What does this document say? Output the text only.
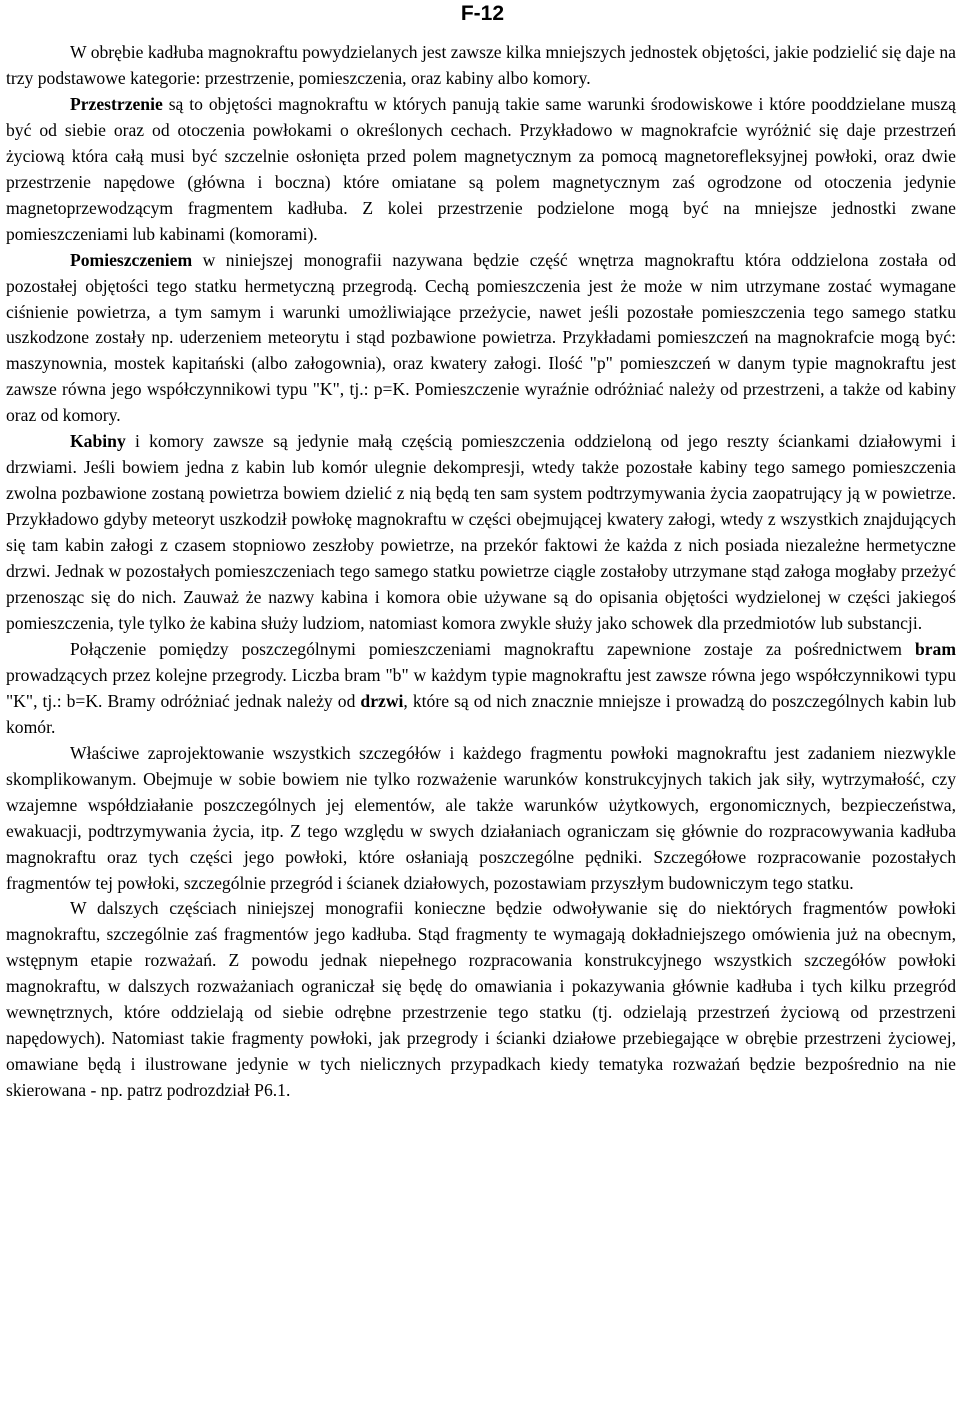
F-12

W obrębie kadłuba magnokraftu powydzielanych jest zawsze kilka mniejszych jednostek objętości, jakie podzielić się daje na trzy podstawowe kategorie: przestrzenie, pomieszczenia, oraz kabiny albo komory.

Przestrzenie są to objętości magnokraftu w których panują takie same warunki środowiskowe i które pooddzielane muszą być od siebie oraz od otoczenia powłokami o określonych cechach. Przykładowo w magnokrafcie wyróżnić się daje przestrzeń życiową która całą musi być szczelnie osłonięta przed polem magnetycznym za pomocą magnetorefleksyjnej powłoki, oraz dwie przestrzenie napędowe (główna i boczna) które omiatane są polem magnetycznym zaś ogrodzone od otoczenia jedynie magnetoprzewodzącym fragmentem kadłuba. Z kolei przestrzenie podzielone mogą być na mniejsze jednostki zwane pomieszczeniami lub kabinami (komorami).

Pomieszczeniem w niniejszej monografii nazywana będzie część wnętrza magnokraftu która oddzielona została od pozostałej objętości tego statku hermetyczną przegrodą. Cechą pomieszczenia jest że może w nim utrzymane zostać wymagane ciśnienie powietrza, a tym samym i warunki umożliwiające przeżycie, nawet jeśli pozostałe pomieszczenia tego samego statku uszkodzone zostały np. uderzeniem meteorytu i stąd pozbawione powietrza. Przykładami pomieszczeń na magnokrafcie mogą być: maszynownia, mostek kapitański (albo załogownia), oraz kwatery załogi. Ilość "p" pomieszczeń w danym typie magnokraftu jest zawsze równa jego współczynnikowi typu "K", tj.: p=K. Pomieszczenie wyraźnie odróżniać należy od przestrzeni, a także od kabiny oraz od komory.

Kabiny i komory zawsze są jedynie małą częścią pomieszczenia oddzieloną od jego reszty ściankami działowymi i drzwiami. Jeśli bowiem jedna z kabin lub komór ulegnie dekompresji, wtedy także pozostałe kabiny tego samego pomieszczenia zwolna pozbawione zostaną powietrza bowiem dzielić z nią będą ten sam system podtrzymywania życia zaopatrujący ją w powietrze. Przykładowo gdyby meteoryt uszkodził powłokę magnokraftu w części obejmującej kwatery załogi, wtedy z wszystkich znajdujących się tam kabin załogi z czasem stopniowo zeszłoby powietrze, na przekór faktowi że każda z nich posiada niezależne hermetyczne drzwi. Jednak w pozostałych pomieszczeniach tego samego statku powietrze ciągle zostałoby utrzymane stąd załoga mogłaby przeżyć przenosząc się do nich. Zauważ że nazwy kabina i komora obie używane są do opisania objętości wydzielonej w części jakiegoś pomieszczenia, tyle tylko że kabina służy ludziom, natomiast komora zwykle służy jako schowek dla przedmiotów lub substancji.

Połączenie pomiędzy poszczególnymi pomieszczeniami magnokraftu zapewnione zostaje za pośrednictwem bram prowadzących przez kolejne przegrody. Liczba bram "b" w każdym typie magnokraftu jest zawsze równa jego współczynnikowi typu "K", tj.: b=K. Bramy odróżniać jednak należy od drzwi, które są od nich znacznie mniejsze i prowadzą do poszczególnych kabin lub komór.

Właściwe zaprojektowanie wszystkich szczegółów i każdego fragmentu powłoki magnokraftu jest zadaniem niezwykle skomplikowanym. Obejmuje w sobie bowiem nie tylko rozważenie warunków konstrukcyjnych takich jak siły, wytrzymałość, czy wzajemne współdziałanie poszczególnych jej elementów, ale także warunków użytkowych, ergonomicznych, bezpieczeństwa, ewakuacji, podtrzymywania życia, itp. Z tego względu w swych działaniach ograniczam się głównie do rozpracowywania kadłuba magnokraftu oraz tych części jego powłoki, które osłaniają poszczególne pędniki. Szczegółowe rozpracowanie pozostałych fragmentów tej powłoki, szczególnie przegród i ścianek działowych, pozostawiam przyszłym budowniczym tego statku.

W dalszych częściach niniejszej monografii konieczne będzie odwoływanie się do niektórych fragmentów powłoki magnokraftu, szczególnie zaś fragmentów jego kadłuba. Stąd fragmenty te wymagają dokładniejszego omówienia już na obecnym, wstępnym etapie rozważań. Z powodu jednak niepełnego rozpracowania konstrukcyjnego wszystkich szczegółów powłoki magnokraftu, w dalszych rozważaniach ograniczał się będę do omawiania i pokazywania głównie kadłuba i tych kilku przegród wewnętrznych, które oddzielają od siebie odrębne przestrzenie tego statku (tj. odzielają przestrzeń życiową od przestrzeni napędowych). Natomiast takie fragmenty powłoki, jak przegrody i ścianki działowe przebiegające w obrębie przestrzeni życiowej, omawiane będą i ilustrowane jedynie w tych nielicznych przypadkach kiedy tematyka rozważań będzie bezpośrednio na nie skierowana - np. patrz podrozdział P6.1.
